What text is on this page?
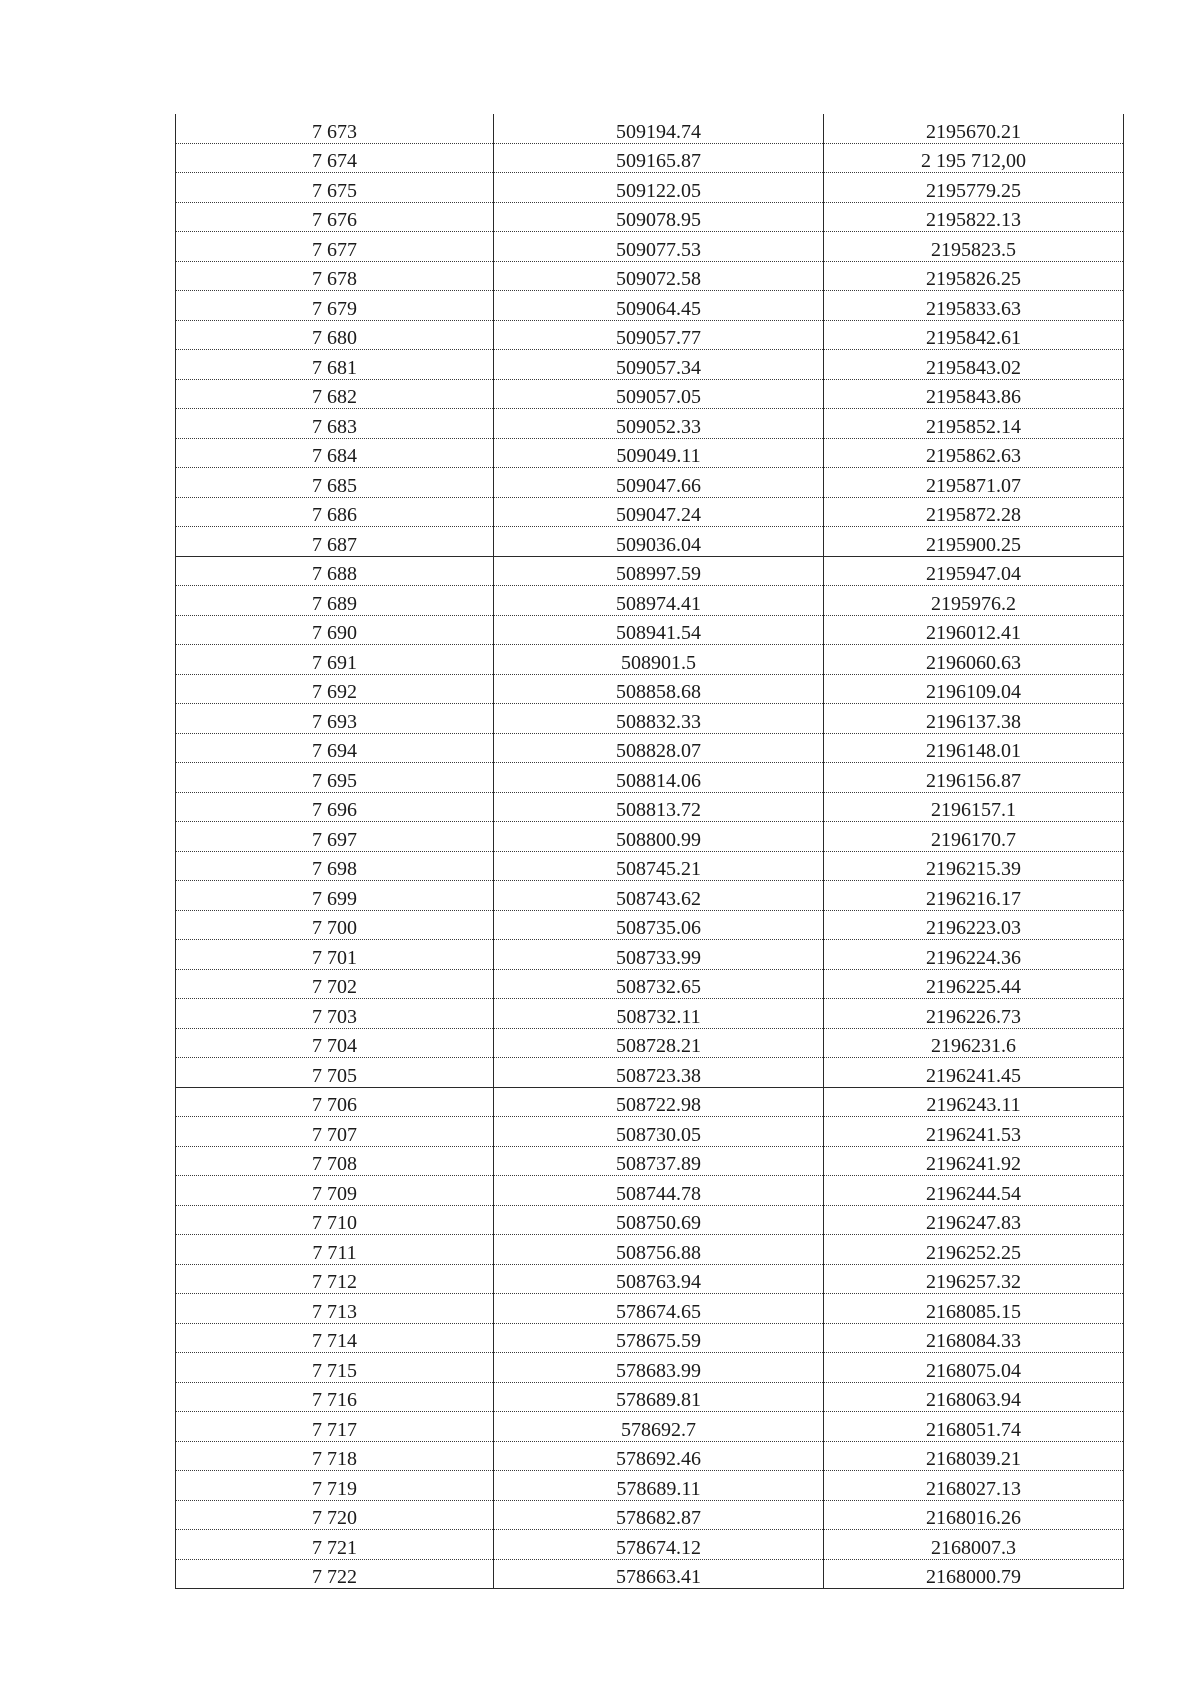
7 673	509194.74	2195670.21
7 674	509165.87	2 195 712,00
7 675	509122.05	2195779.25
7 676	509078.95	2195822.13
7 677	509077.53	2195823.5
7 678	509072.58	2195826.25
7 679	509064.45	2195833.63
7 680	509057.77	2195842.61
7 681	509057.34	2195843.02
7 682	509057.05	2195843.86
7 683	509052.33	2195852.14
7 684	509049.11	2195862.63
7 685	509047.66	2195871.07
7 686	509047.24	2195872.28
7 687	509036.04	2195900.25
7 688	508997.59	2195947.04
7 689	508974.41	2195976.2
7 690	508941.54	2196012.41
7 691	508901.5	2196060.63
7 692	508858.68	2196109.04
7 693	508832.33	2196137.38
7 694	508828.07	2196148.01
7 695	508814.06	2196156.87
7 696	508813.72	2196157.1
7 697	508800.99	2196170.7
7 698	508745.21	2196215.39
7 699	508743.62	2196216.17
7 700	508735.06	2196223.03
7 701	508733.99	2196224.36
7 702	508732.65	2196225.44
7 703	508732.11	2196226.73
7 704	508728.21	2196231.6
7 705	508723.38	2196241.45
7 706	508722.98	2196243.11
7 707	508730.05	2196241.53
7 708	508737.89	2196241.92
7 709	508744.78	2196244.54
7 710	508750.69	2196247.83
7 711	508756.88	2196252.25
7 712	508763.94	2196257.32
7 713	578674.65	2168085.15
7 714	578675.59	2168084.33
7 715	578683.99	2168075.04
7 716	578689.81	2168063.94
7 717	578692.7	2168051.74
7 718	578692.46	2168039.21
7 719	578689.11	2168027.13
7 720	578682.87	2168016.26
7 721	578674.12	2168007.3
7 722	578663.41	2168000.79
